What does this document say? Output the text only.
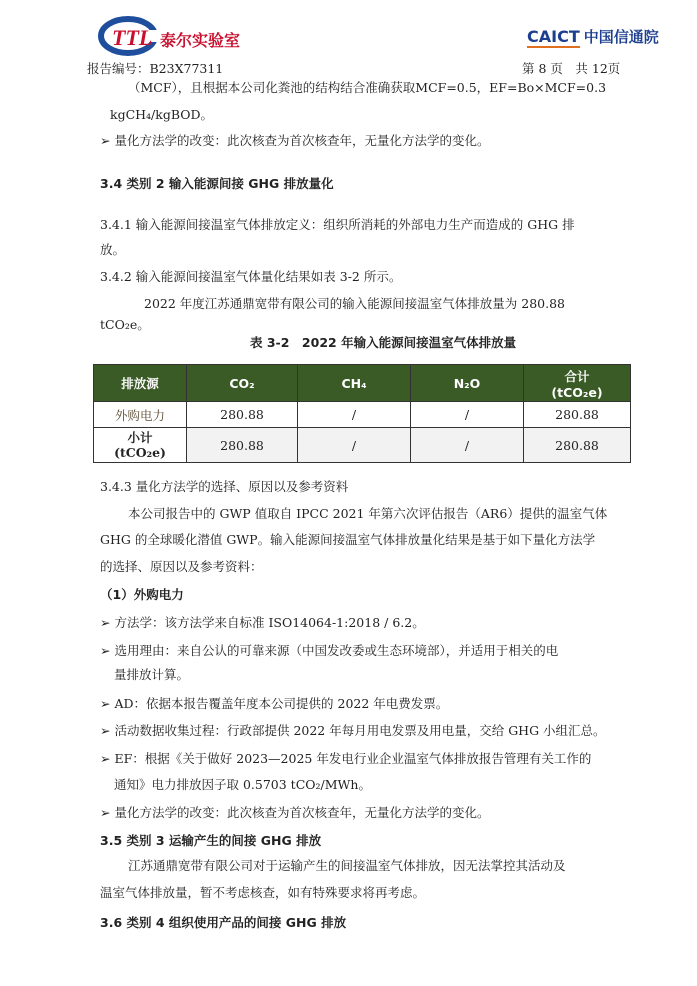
TTL 泰尔实验室	CAICT 中国信通院
报告编号：B23X77311	第 8 页　共 12页
（MCF），且根据本公司化粪池的结构结合准确获取MCF=0.5，EF=Bo×MCF=0.3
kgCH₄/kgBOD。
➢ 量化方法学的改变：此次核查为首次核查年，无量化方法学的变化。
3.4 类别 2 输入能源间接 GHG 排放量化
3.4.1 输入能源间接温室气体排放定义：组织所消耗的外部电力生产而造成的 GHG 排
放。
3.4.2 输入能源间接温室气体量化结果如表 3-2 所示。
2022 年度江苏通鼎宽带有限公司的输入能源间接温室气体排放量为 280.88
tCO₂e。
表 3-2　2022 年输入能源间接温室气体排放量
排放源	CO₂	CH₄	N₂O	合计
(tCO₂e)

外购电力	280.88	/	/	280.88

小计
(tCO₂e)	280.88	/	/	280.88
3.4.3 量化方法学的选择、原因以及参考资料
本公司报告中的 GWP 值取自 IPCC 2021 年第六次评估报告（AR6）提供的温室气体
GHG 的全球暖化潜值 GWP。输入能源间接温室气体排放量化结果是基于如下量化方法学
的选择、原因以及参考资料：
（1）外购电力
➢ 方法学：该方法学来自标准 ISO14064-1:2018 / 6.2。
➢ 选用理由：来自公认的可靠来源（中国发改委或生态环境部），并适用于相关的电
量排放计算。
➢ AD：依据本报告覆盖年度本公司提供的 2022 年电费发票。
➢ 活动数据收集过程：行政部提供 2022 年每月用电发票及用电量，交给 GHG 小组汇总。
➢ EF：根据《关于做好 2023—2025 年发电行业企业温室气体排放报告管理有关工作的
通知》电力排放因子取 0.5703 tCO₂/MWh。
➢ 量化方法学的改变：此次核查为首次核查年，无量化方法学的变化。
3.5 类别 3 运输产生的间接 GHG 排放
江苏通鼎宽带有限公司对于运输产生的间接温室气体排放，因无法掌控其活动及
温室气体排放量，暂不考虑核查，如有特殊要求将再考虑。
3.6 类别 4 组织使用产品的间接 GHG 排放
